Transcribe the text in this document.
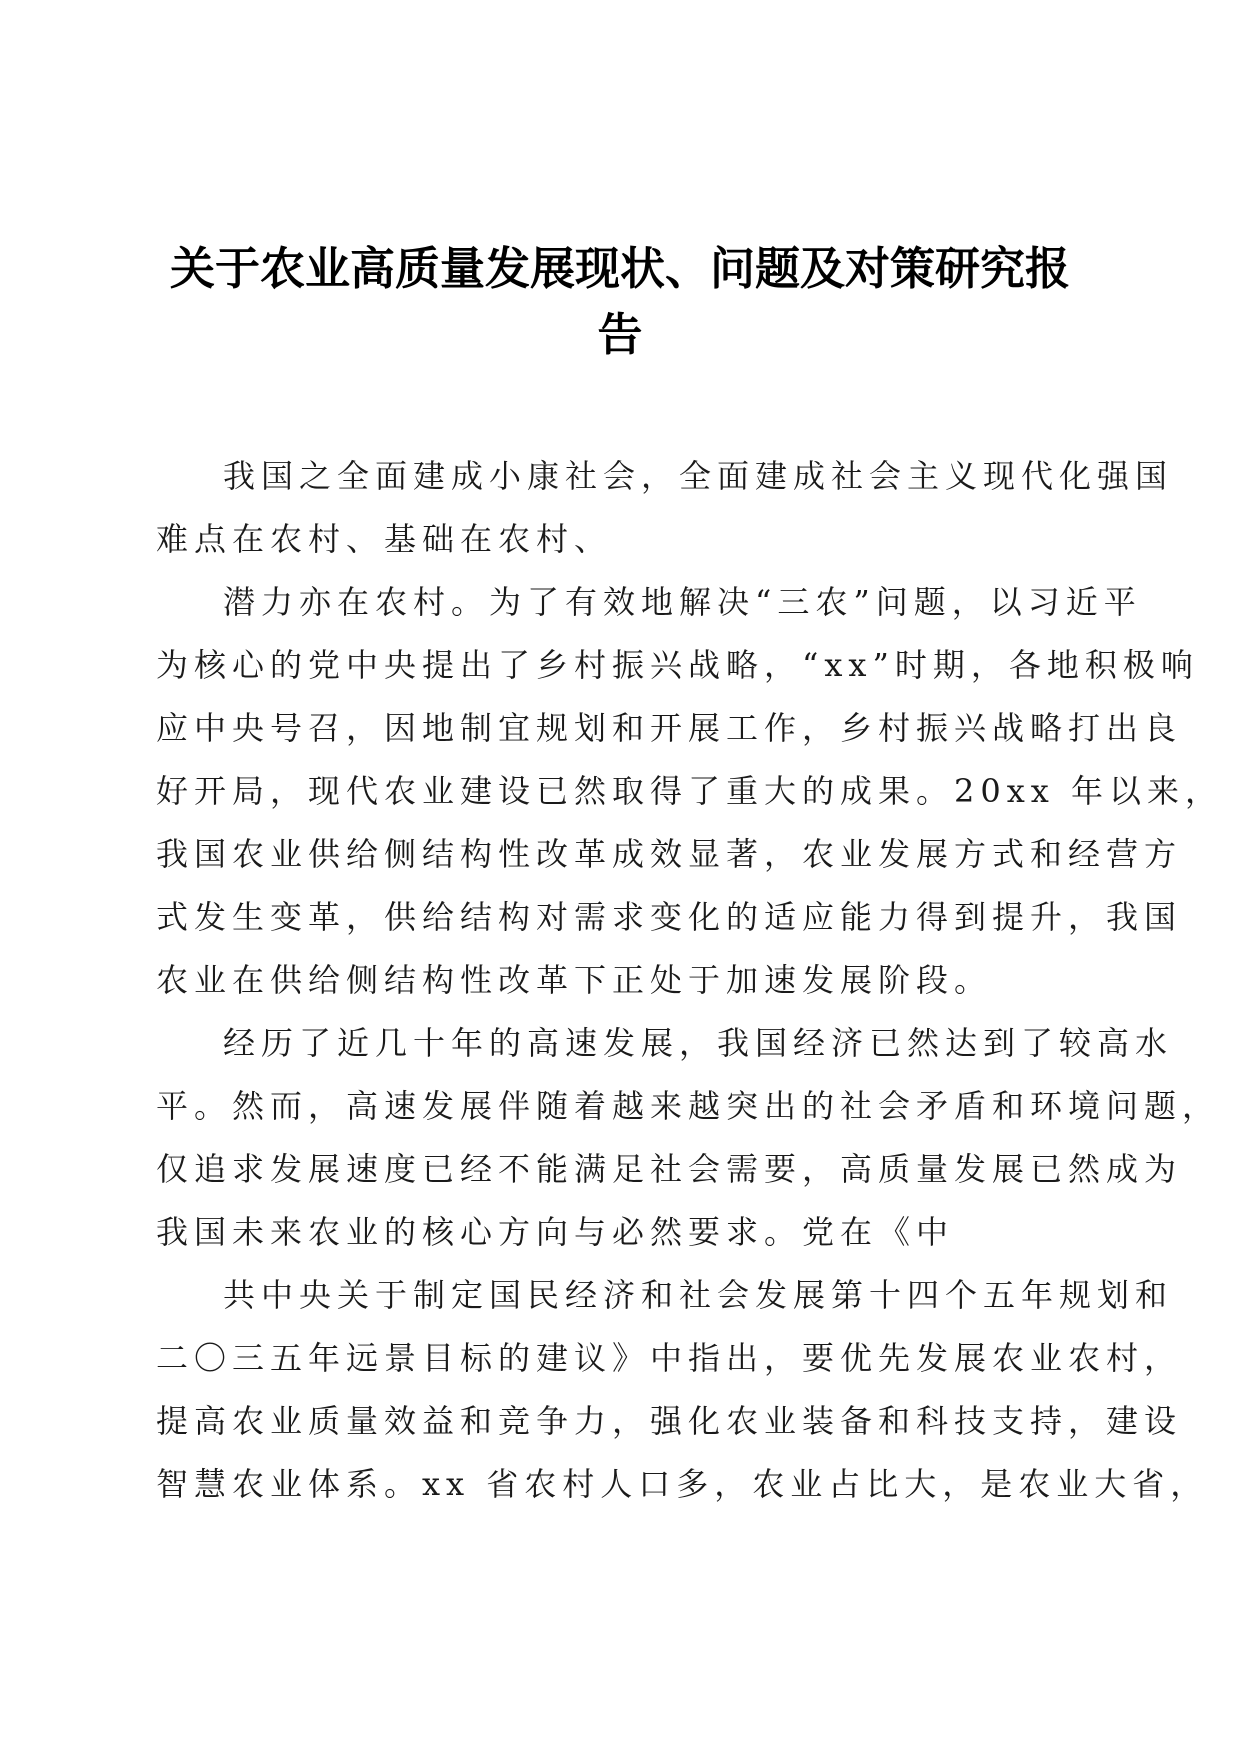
关于农业高质量发展现状、问题及对策研究报
告
我国之全面建成小康社会，全面建成社会主义现代化强国
难点在农村、基础在农村、
潜力亦在农村。为了有效地解决“三农”问题，以习近平
为核心的党中央提出了乡村振兴战略，“xx”时期，各地积极响
应中央号召，因地制宜规划和开展工作，乡村振兴战略打出良
好开局，现代农业建设已然取得了重大的成果。20xx 年以来，
我国农业供给侧结构性改革成效显著，农业发展方式和经营方
式发生变革，供给结构对需求变化的适应能力得到提升，我国
农业在供给侧结构性改革下正处于加速发展阶段。
经历了近几十年的高速发展，我国经济已然达到了较高水
平。然而，高速发展伴随着越来越突出的社会矛盾和环境问题，
仅追求发展速度已经不能满足社会需要，高质量发展已然成为
我国未来农业的核心方向与必然要求。党在《中
共中央关于制定国民经济和社会发展第十四个五年规划和
二〇三五年远景目标的建议》中指出，要优先发展农业农村，
提高农业质量效益和竞争力，强化农业装备和科技支持，建设
智慧农业体系。xx 省农村人口多，农业占比大，是农业大省，
